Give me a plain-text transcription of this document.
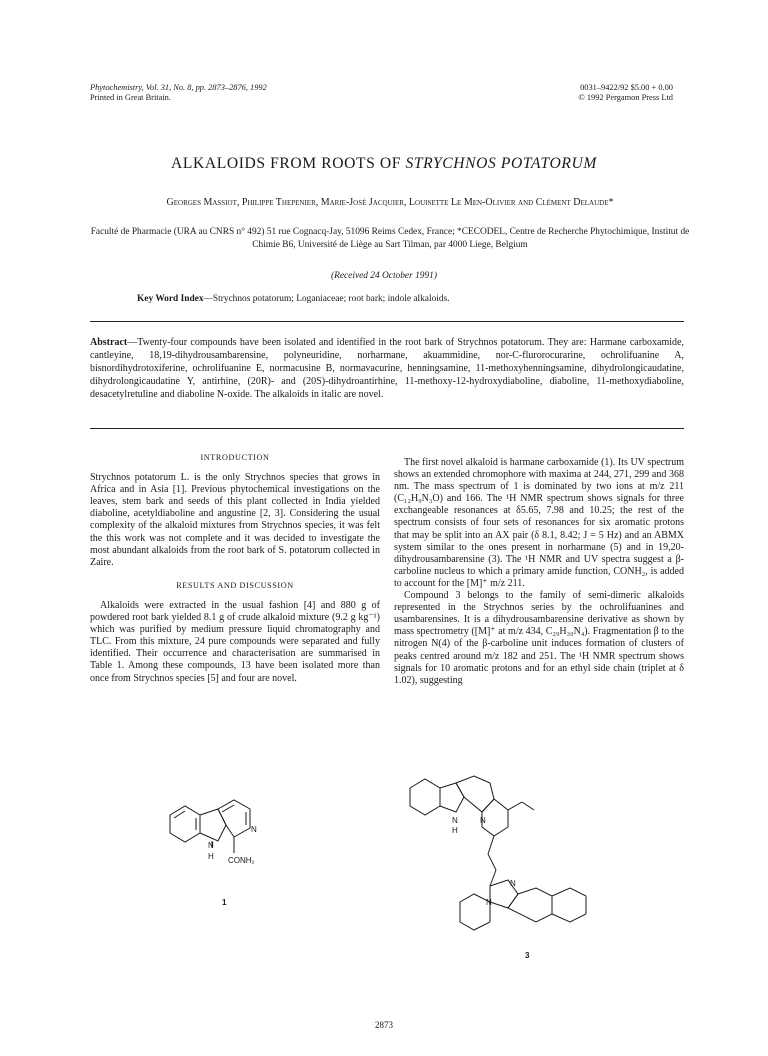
Phytochemistry, Vol. 31, No. 8, pp. 2873–2876, 1992
Printed in Great Britain.
0031–9422/92 $5.00 + 0.00
© 1992 Pergamon Press Ltd
ALKALOIDS FROM ROOTS OF STRYCHNOS POTATORUM
Georges Massiot, Philippe Thepenier, Marie-José Jacquier, Louisette Le Men-Olivier and Clément Delaude*
Faculté de Pharmacie (URA au CNRS n° 492) 51 rue Cognacq-Jay, 51096 Reims Cedex, France; *CECODEL, Centre de Recherche Phytochimique, Institut de Chimie B6, Université de Liège au Sart Tilman, par 4000 Liege, Belgium
(Received 24 October 1991)
Key Word Index—Strychnos potatorum; Loganiaceae; root bark; indole alkaloids.
Abstract—Twenty-four compounds have been isolated and identified in the root bark of Strychnos potatorum. They are: Harmane carboxamide, cantleyine, 18,19-dihydrousambarensine, polyneuridine, norharmane, akuammidine, nor-C-flurorocurarine, ochrolifuanine A, bisnordihydrotoxiferine, ochrolifuanine E, normacusine B, normavacurine, henningsamine, 11-methoxyhenningsamine, dihydrolongicaudatine, dihydrolongicaudatine Y, antirhine, (20R)- and (20S)-dihydroantirhine, 11-methoxy-12-hydroxydiaboline, diaboline, 11-methoxydiaboline, desacetylretuline and diaboline N-oxide. The alkaloids in italic are novel.
INTRODUCTION

Strychnos potatorum L. is the only Strychnos species that grows in Africa and in Asia [1]. Previous phytochemical investigations on the leaves, stem bark and seeds of this plant collected in India yielded diaboline, acetyldiaboline and angustine [2, 3]. Considering the usual complexity of the alkaloid mixtures from Strychnos species, it was felt the this work was not complete and it was decided to investigate the most abundant alkaloids from the root bark of S. potatorum collected in Zaire.

RESULTS AND DISCUSSION

Alkaloids were extracted in the usual fashion [4] and 880 g of powdered root bark yielded 8.1 g of crude alkaloid mixture (9.2 g kg⁻¹) which was purified by medium pressure liquid chromatography and TLC. From this mixture, 24 pure compounds were separated and fully identified. Their occurrence and characterisation are summarised in Table 1. Among these compounds, 13 have been isolated more than once from Strychnos species [5] and four are novel.

The first novel alkaloid is harmane carboxamide (1). Its UV spectrum shows an extended chromophore with maxima at 244, 271, 299 and 368 nm. The mass spectrum of 1 is dominated by two ions at m/z 211 (C₁₂H₉N₃O) and 166. The ¹H NMR spectrum shows signals for three exchangeable resonances at δ5.65, 7.98 and 10.25; the rest of the spectrum consists of four sets of resonances for six aromatic protons that may be split into an AX pair (δ 8.1, 8.42; J = 5 Hz) and an ABMX system similar to the ones present in norharmane (5) and in 19,20-dihydrousambarensine (3). The ¹H NMR and UV spectra suggest a β-carboline nucleus to which a primary amide function, CONH₂, is added to account for the [M]⁺ m/z 211.

Compound 3 belongs to the family of semi-dimeric alkaloids represented in the Strychnos series by the ochrolifuanines and usambarensines. It is a dihydrousambarensine derivative as shown by mass spectrometry ([M]⁺ at m/z 434, C₂₉H₃₀N₄). Fragmentation β to the nitrogen N(4) of the β-carboline unit induces formation of clusters of peaks centred around m/z 182 and 251. The ¹H NMR spectrum shows signals for 10 aromatic protons and for an ethyl side chain (triplet at δ 1.02), suggesting

N
N
H CONH₂
1
N
N
H
N
N
3
2873
